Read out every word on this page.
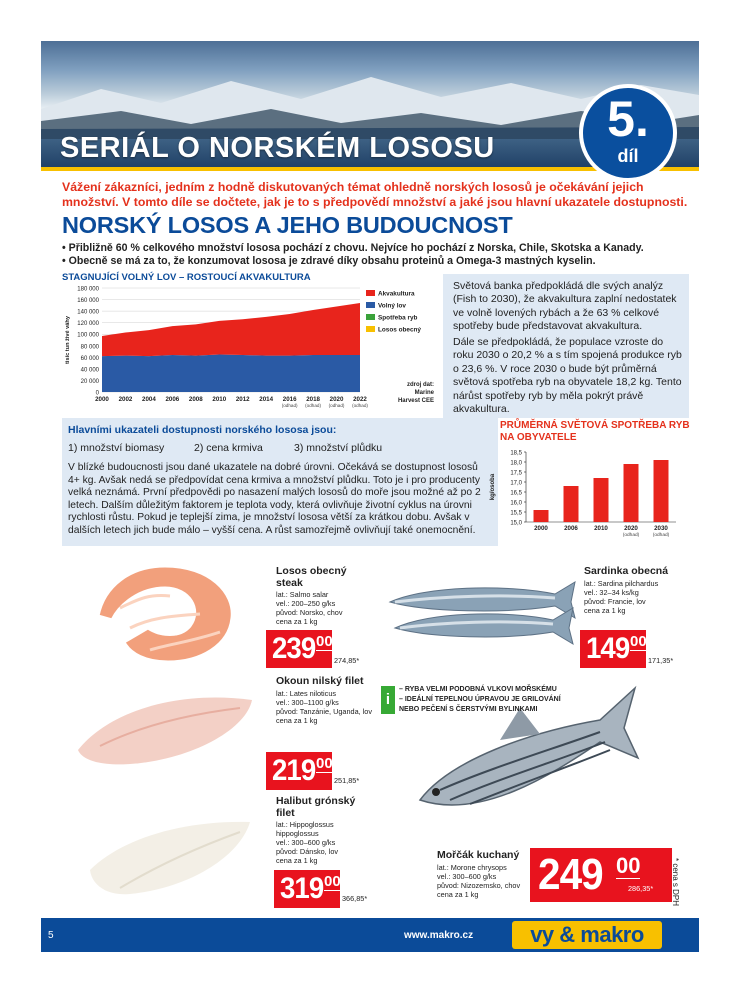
SERIÁL O NORSKÉM LOSOSU
5.
díl
Vážení zákazníci, jedním z hodně diskutovaných témat ohledně norských lososů je očekávání jejich množství. V tomto díle se dočtete, jak je to s předpovědí množství a jaké jsou hlavní ukazatele dostupnosti.
NORSKÝ LOSOS A JEHO BUDOUCNOST
• Přibližně 60 % celkového množství lososa pochází z chovu. Nejvíce ho pochází z Norska, Chile, Skotska a Kanady.
• Obecně se má za to, že konzumovat lososa je zdravé díky obsahu proteinů a Omega-3 mastných kyselin.
STAGNUJÍCÍ VOLNÝ LOV – ROSTOUCÍ AKVAKULTURA
0
20 000
40 000
60 000
80 000
100 000
120 000
140 000
160 000
180 000
2000 2002 2004 2006 2008 2010 2012 2014 2016
(odhad)
2018
(odhad)
2020
(odhad)
2022
(odhad)
tisíc tun živé váhy
Akvakultura
Volný lov
Spotřeba ryb
Losos obecný
zdroj dat:
Marine
Harvest CEE
Světová banka předpokládá dle svých analýz (Fish to 2030), že akvakultura zaplní nedostatek ve volně lovených rybách a že 63 % celkové spotřeby bude představovat akvakultura.
Dále se předpokládá, že populace vzroste do roku 2030 o 20,2 % a s tím spojená produkce ryb o 23,6 %. V roce 2030 o bude být průměrná světová spotřeba ryb na obyvatele 18,2 kg. Tento nárůst spotřeby ryb by měla pokrýt právě akvakultura.
Hlavními ukazateli dostupnosti norského lososa jsou:
1) množství biomasy	2) cena krmiva	3) množství plůdku
V blízké budoucnosti jsou dané ukazatele na dobré úrovni. Očekává se dostupnost lososů 4+ kg. Avšak nedá se předpovídat cena krmiva a množství plůdku. Toto je i pro producenty velká neznámá. První předpovědi po nasazení malých lososů do moře jsou možné až po 2 letech. Dalším důležitým faktorem je teplota vody, která ovlivňuje životní cyklus na úrovni rychlosti růstu. Pokud je teplejší zima, je množství lososa větší za krátkou dobu. Avšak v dalších letech jich bude málo – vyšší cena. A růst samozřejmě ovlivňují také onemocnění.
PRŮMĚRNÁ SVĚTOVÁ SPOTŘEBA RYB NA OBYVATELE
15,0
15,5
16,0
16,5
17,0
17,5
18,0
18,5
kg/osoba
2000	2006	2010	2020
(odhad)
2030
(odhad)
Losos obecný steak
lat.: Salmo salar
vel.: 200–250 g/ks
původ: Norsko, chov
cena za 1 kg
239 00
274,85*
Sardinka obecná
lat.: Sardina pilchardus
vel.: 32–34 ks/kg
původ: Francie, lov
cena za 1 kg
149 00
171,35*
Okoun nilský filet
lat.: Lates niloticus
vel.: 300–1100 g/ks
původ: Tanzánie, Uganda, lov
cena za 1 kg
219 00
251,85*
Halibut grónský filet
lat.: Hippoglossus hippoglossus
vel.: 300–600 g/ks
původ: Dánsko, lov
cena za 1 kg
319 00
366,85*
Mořčák kuchaný
lat.: Morone chrysops
vel.: 300–600 g/ks
původ: Nizozemsko, chov
cena za 1 kg	249 00
286,35*
i
– RYBA VELMI PODOBNÁ VLKOVI MOŘSKÉMU
– IDEÁLNÍ TEPELNOU ÚPRAVOU JE GRILOVÁNÍ
NEBO PEČENÍ S ČERSTVÝMI BYLINKAMI
* cena s DPH
5	www.makro.cz	vy & makro
